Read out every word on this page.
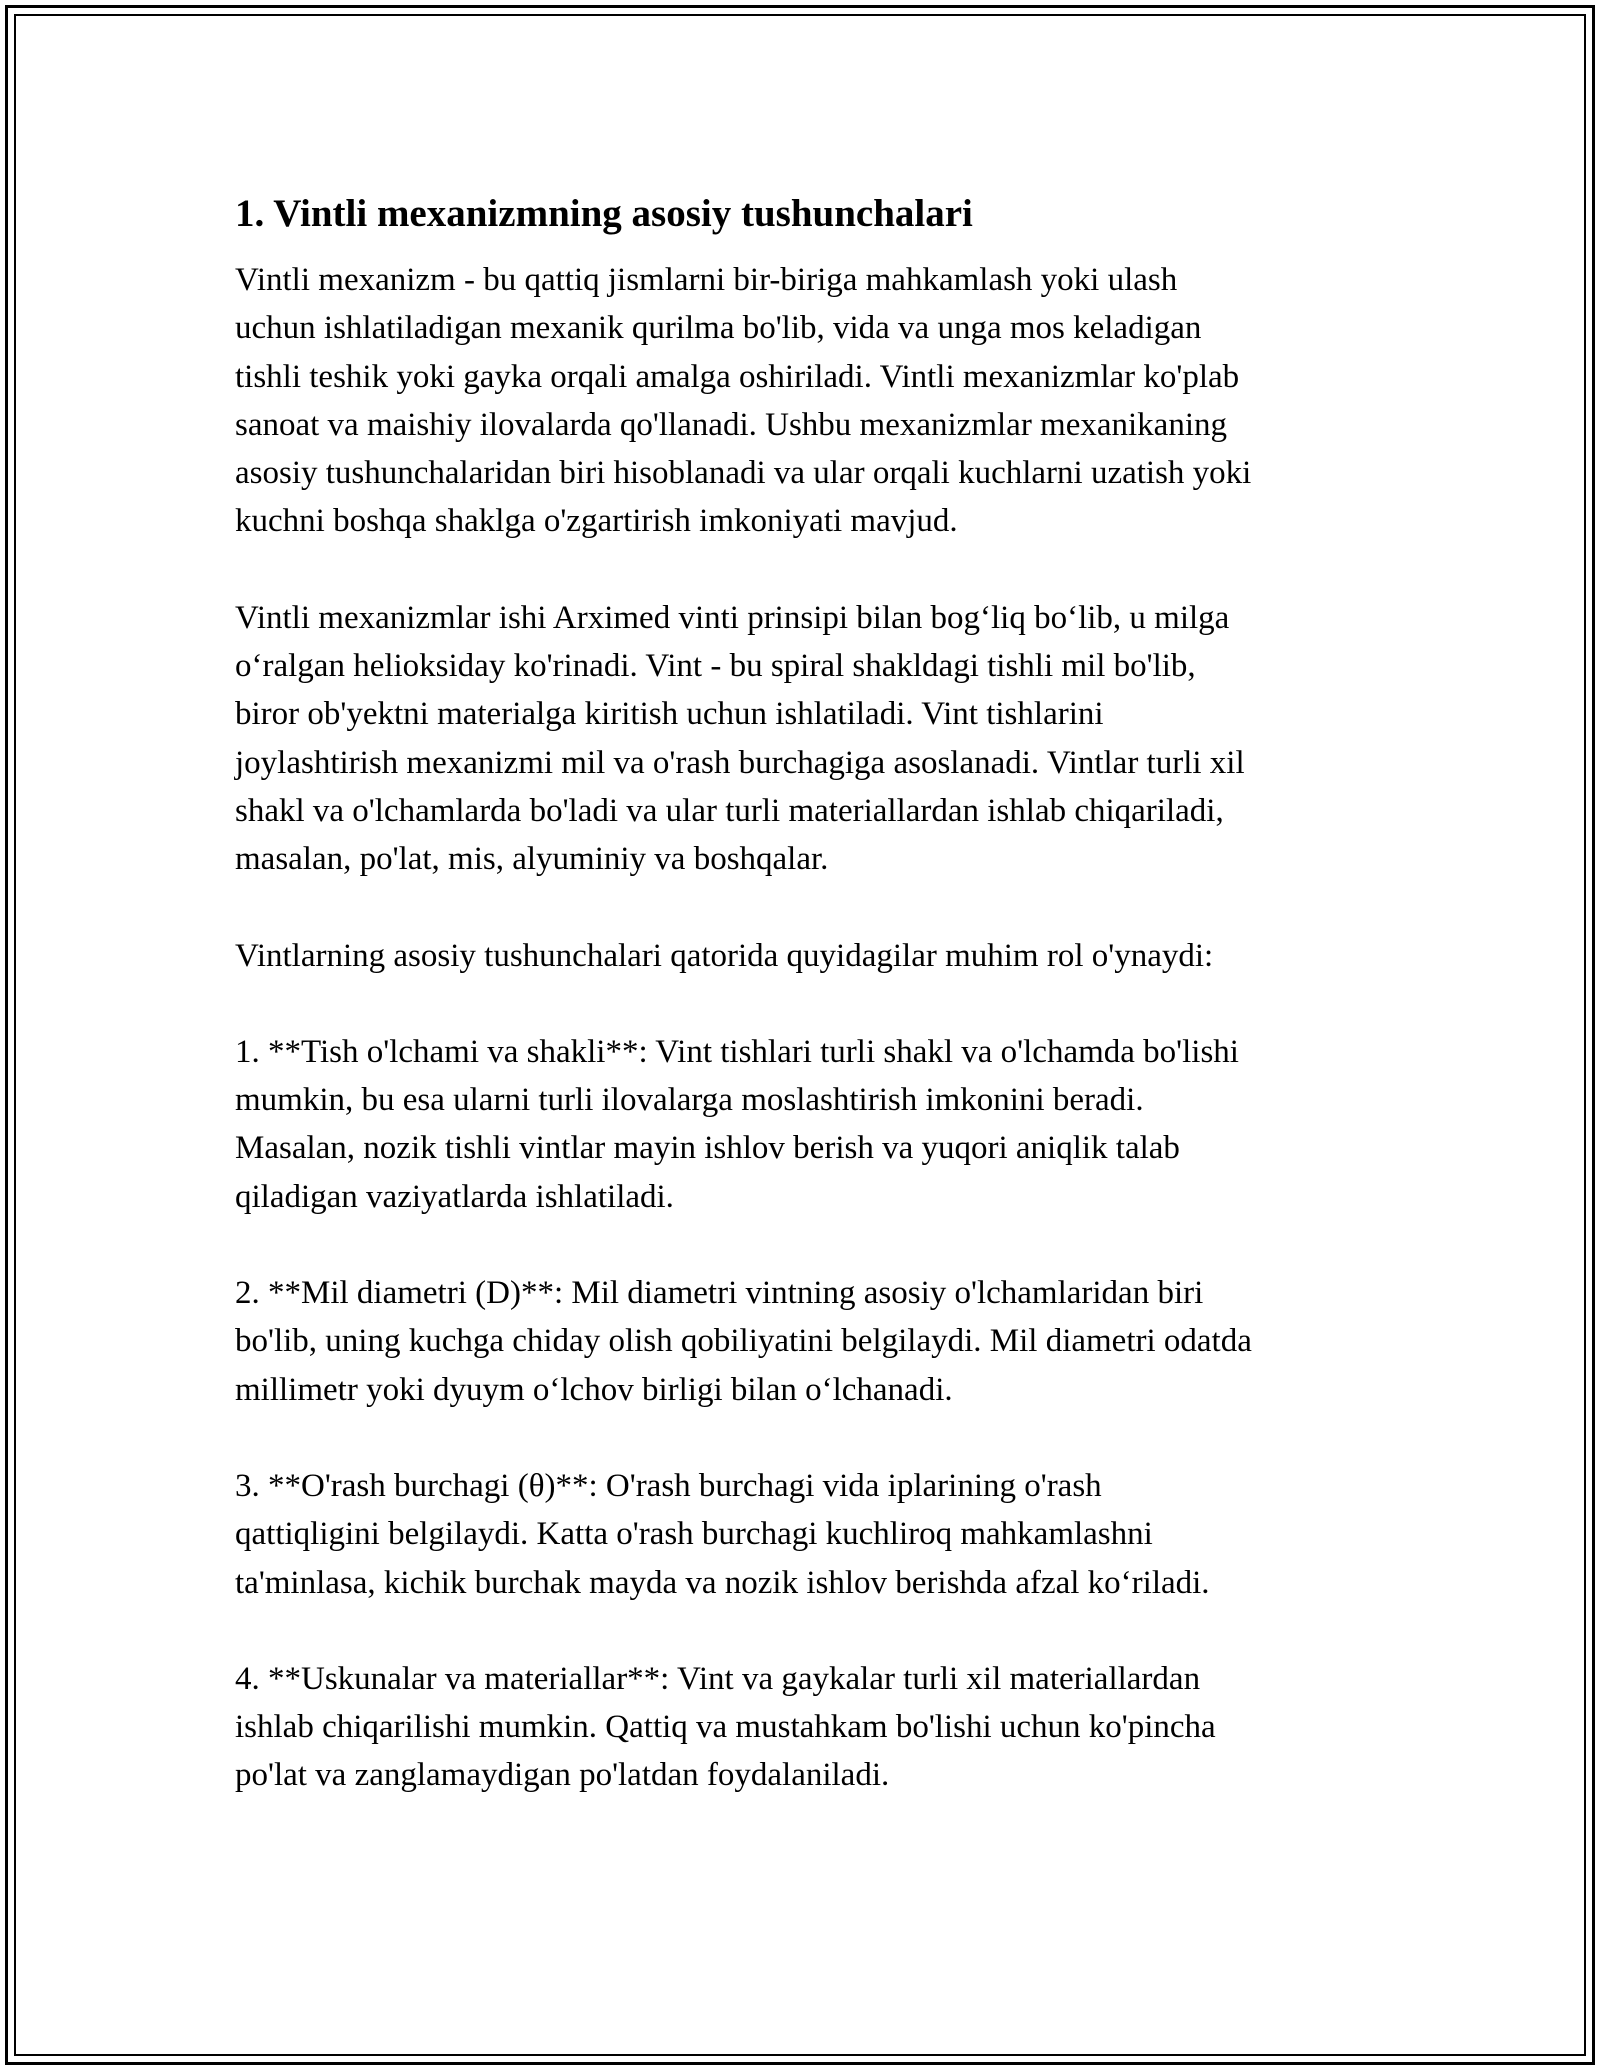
1. Vintli mexanizmning asosiy tushunchalari

Vintli mexanizm - bu qattiq jismlarni bir-biriga mahkamlash yoki ulash
uchun ishlatiladigan mexanik qurilma bo'lib, vida va unga mos keladigan
tishli teshik yoki gayka orqali amalga oshiriladi. Vintli mexanizmlar ko'plab
sanoat va maishiy ilovalarda qo'llanadi. Ushbu mexanizmlar mexanikaning
asosiy tushunchalaridan biri hisoblanadi va ular orqali kuchlarni uzatish yoki
kuchni boshqa shaklga o'zgartirish imkoniyati mavjud.

Vintli mexanizmlar ishi Arximed vinti prinsipi bilan bog‘liq bo‘lib, u milga
o‘ralgan helioksiday ko'rinadi. Vint - bu spiral shakldagi tishli mil bo'lib,
biror ob'yektni materialga kiritish uchun ishlatiladi. Vint tishlarini
joylashtirish mexanizmi mil va o'rash burchagiga asoslanadi. Vintlar turli xil
shakl va o'lchamlarda bo'ladi va ular turli materiallardan ishlab chiqariladi,
masalan, po'lat, mis, alyuminiy va boshqalar.

Vintlarning asosiy tushunchalari qatorida quyidagilar muhim rol o'ynaydi:

1. **Tish o'lchami va shakli**: Vint tishlari turli shakl va o'lchamda bo'lishi
mumkin, bu esa ularni turli ilovalarga moslashtirish imkonini beradi.
Masalan, nozik tishli vintlar mayin ishlov berish va yuqori aniqlik talab
qiladigan vaziyatlarda ishlatiladi.

2. **Mil diametri (D)**: Mil diametri vintning asosiy o'lchamlaridan biri
bo'lib, uning kuchga chiday olish qobiliyatini belgilaydi. Mil diametri odatda
millimetr yoki dyuym o‘lchov birligi bilan o‘lchanadi.

3. **O'rash burchagi (θ)**: O'rash burchagi vida iplarining o'rash
qattiqligini belgilaydi. Katta o'rash burchagi kuchliroq mahkamlashni
ta'minlasa, kichik burchak mayda va nozik ishlov berishda afzal ko‘riladi.

4. **Uskunalar va materiallar**: Vint va gaykalar turli xil materiallardan
ishlab chiqarilishi mumkin. Qattiq va mustahkam bo'lishi uchun ko'pincha
po'lat va zanglamaydigan po'latdan foydalaniladi.
